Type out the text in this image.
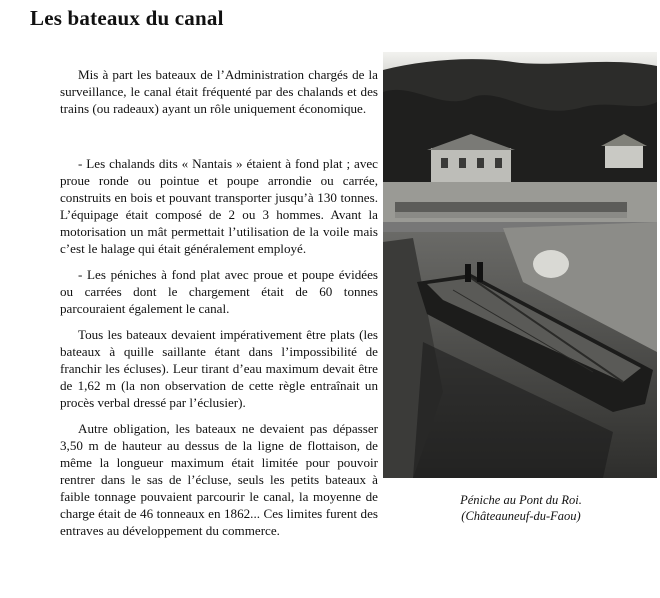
Les bateaux du canal

Mis à part les bateaux de l’Administration chargés de la surveillance, le canal était fréquenté par des chalands et des trains (ou radeaux) ayant un rôle uniquement économique.

- Les chalands dits « Nantais » étaient à fond plat ; avec proue ronde ou pointue et poupe arrondie ou carrée, construits en bois et pouvant transporter jusqu’à 130 tonnes. L’équipage était composé de 2 ou 3 hommes. Avant la motorisation un mât permettait l’utilisation de la voile mais c’est le halage qui était généralement employé.

- Les péniches à fond plat avec proue et poupe évidées ou carrées dont le chargement était de 60 tonnes parcouraient également le canal.

Tous les bateaux devaient impérativement être plats (les bateaux à quille saillante étant dans l’impossibilité de franchir les écluses). Leur tirant d’eau maximum devait être de 1,62 m (la non observation de cette règle entraînait un procès verbal dressé par l’éclusier).

Autre obligation, les bateaux ne devaient pas dépasser 3,50 m de hauteur au dessus de la ligne de flottaison, de même la longueur maximum était limitée pour pouvoir rentrer dans le sas de l’écluse, seuls les petits bateaux à faible tonnage pouvaient parcourir le canal, la moyenne de charge était de 46 tonneaux en 1862... Ces limites furent des entraves au développement du commerce.

Péniche au Pont du Roi.
(Châteauneuf-du-Faou)
